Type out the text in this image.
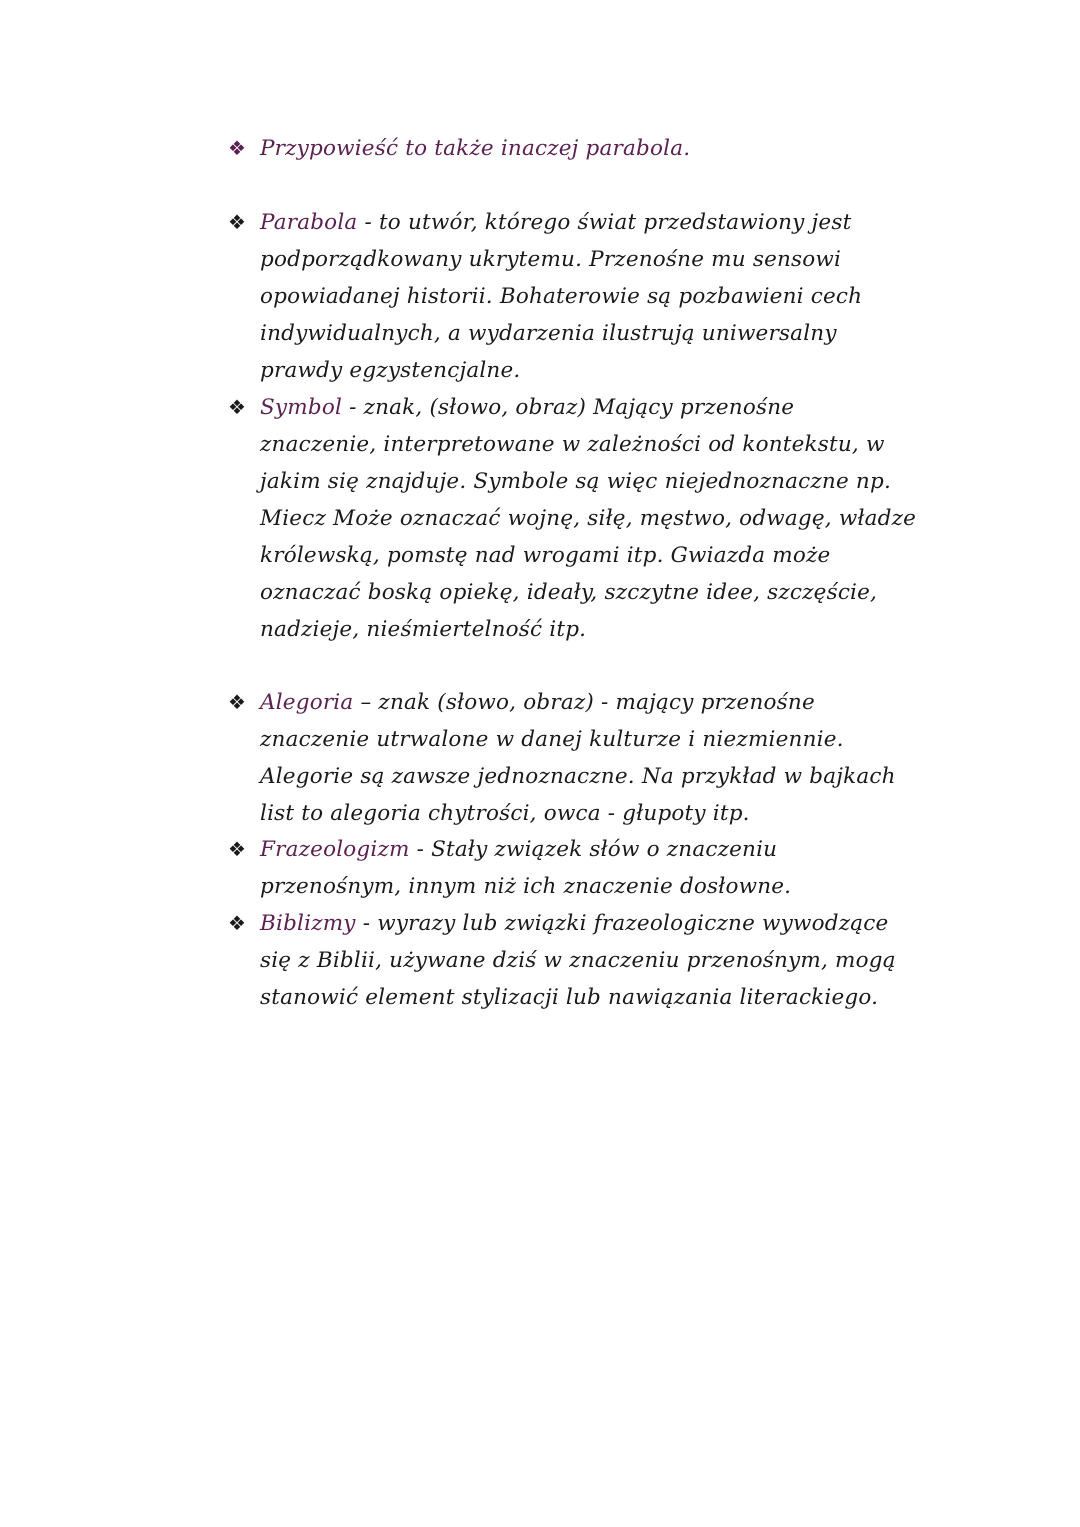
❖ Przypowieść to także inaczej parabola.
❖ Parabola - to utwór, którego świat przedstawiony jest
podporządkowany ukrytemu. Przenośne mu sensowi
opowiadanej historii. Bohaterowie są pozbawieni cech
indywidualnych, a wydarzenia ilustrują uniwersalny
prawdy egzystencjalne.
❖ Symbol - znak, (słowo, obraz) Mający przenośne
znaczenie, interpretowane w zależności od kontekstu, w
jakim się znajduje. Symbole są więc niejednoznaczne np.
Miecz Może oznaczać wojnę, siłę, męstwo, odwagę, władze
królewską, pomstę nad wrogami itp. Gwiazda może
oznaczać boską opiekę, ideały, szczytne idee, szczęście,
nadzieje, nieśmiertelność itp.
❖ Alegoria – znak (słowo, obraz) - mający przenośne
znaczenie utrwalone w danej kulturze i niezmiennie.
Alegorie są zawsze jednoznaczne. Na przykład w bajkach
list to alegoria chytrości, owca - głupoty itp.
❖ Frazeologizm - Stały związek słów o znaczeniu
przenośnym, innym niż ich znaczenie dosłowne.
❖ Biblizmy - wyrazy lub związki frazeologiczne wywodzące
się z Biblii, używane dziś w znaczeniu przenośnym, mogą
stanowić element stylizacji lub nawiązania literackiego.
